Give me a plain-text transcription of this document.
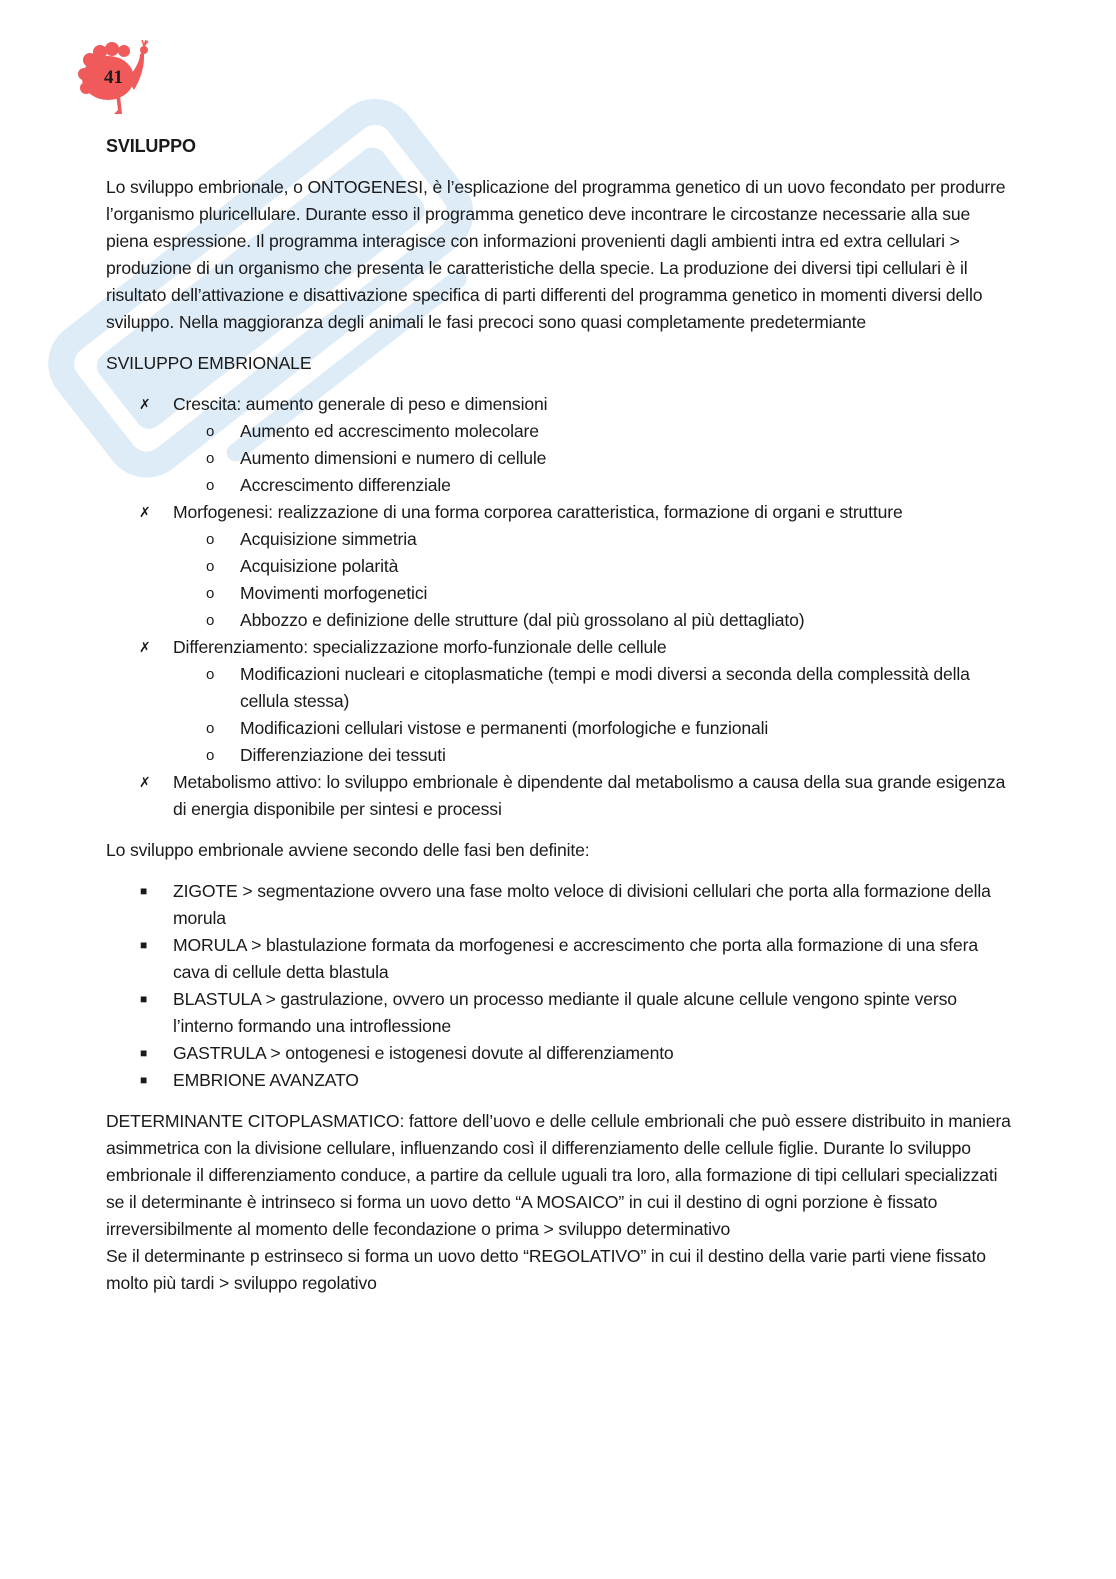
41
SVILUPPO

Lo sviluppo embrionale, o ONTOGENESI, è l’esplicazione del programma genetico di un uovo fecondato per produrre l’organismo pluricellulare. Durante esso il programma genetico deve incontrare le circostanze necessarie alla sue piena espressione. Il programma interagisce con informazioni provenienti dagli ambienti intra ed extra cellulari > produzione di un organismo che presenta le caratteristiche della specie. La produzione dei diversi tipi cellulari è il risultato dell’attivazione e disattivazione specifica di parti differenti del programma genetico in momenti diversi dello sviluppo. Nella maggioranza degli animali le fasi precoci sono quasi completamente predetermiante

SVILUPPO EMBRIONALE
✗ Crescita: aumento generale di peso e dimensioni
o Aumento ed accrescimento molecolare
o Aumento dimensioni e numero di cellule
o Accrescimento differenziale
✗ Morfogenesi: realizzazione di una forma corporea caratteristica, formazione di organi e strutture
o Acquisizione simmetria
o Acquisizione polarità
o Movimenti morfogenetici
o Abbozzo e definizione delle strutture (dal più grossolano al più dettagliato)
✗ Differenziamento: specializzazione morfo-funzionale delle cellule
o Modificazioni nucleari e citoplasmatiche (tempi e modi diversi a seconda della complessità della cellula stessa)
o Modificazioni cellulari vistose e permanenti (morfologiche e funzionali
o Differenziazione dei tessuti
✗ Metabolismo attivo: lo sviluppo embrionale è dipendente dal metabolismo a causa della sua grande esigenza di energia disponibile per sintesi e processi

Lo sviluppo embrionale avviene secondo delle fasi ben definite:

■ ZIGOTE > segmentazione ovvero una fase molto veloce di divisioni cellulari che porta alla formazione della morula
■ MORULA > blastulazione formata da morfogenesi e accrescimento che porta alla formazione di una sfera cava di cellule detta blastula
■ BLASTULA > gastrulazione, ovvero un processo mediante il quale alcune cellule vengono spinte verso l’interno formando una introflessione
■ GASTRULA > ontogenesi e istogenesi dovute al differenziamento
■ EMBRIONE AVANZATO

DETERMINANTE CITOPLASMATICO: fattore dell’uovo e delle cellule embrionali che può essere distribuito in maniera asimmetrica con la divisione cellulare, influenzando così il differenziamento delle cellule figlie. Durante lo sviluppo embrionale il differenziamento conduce, a partire da cellule uguali tra loro, alla formazione di tipi cellulari specializzati

se il determinante è intrinseco si forma un uovo detto “A MOSAICO” in cui il destino di ogni porzione è fissato irreversibilmente al momento delle fecondazione o prima > sviluppo determinativo

Se il determinante p estrinseco si forma un uovo detto “REGOLATIVO” in cui il destino della varie parti viene fissato molto più tardi > sviluppo regolativo
